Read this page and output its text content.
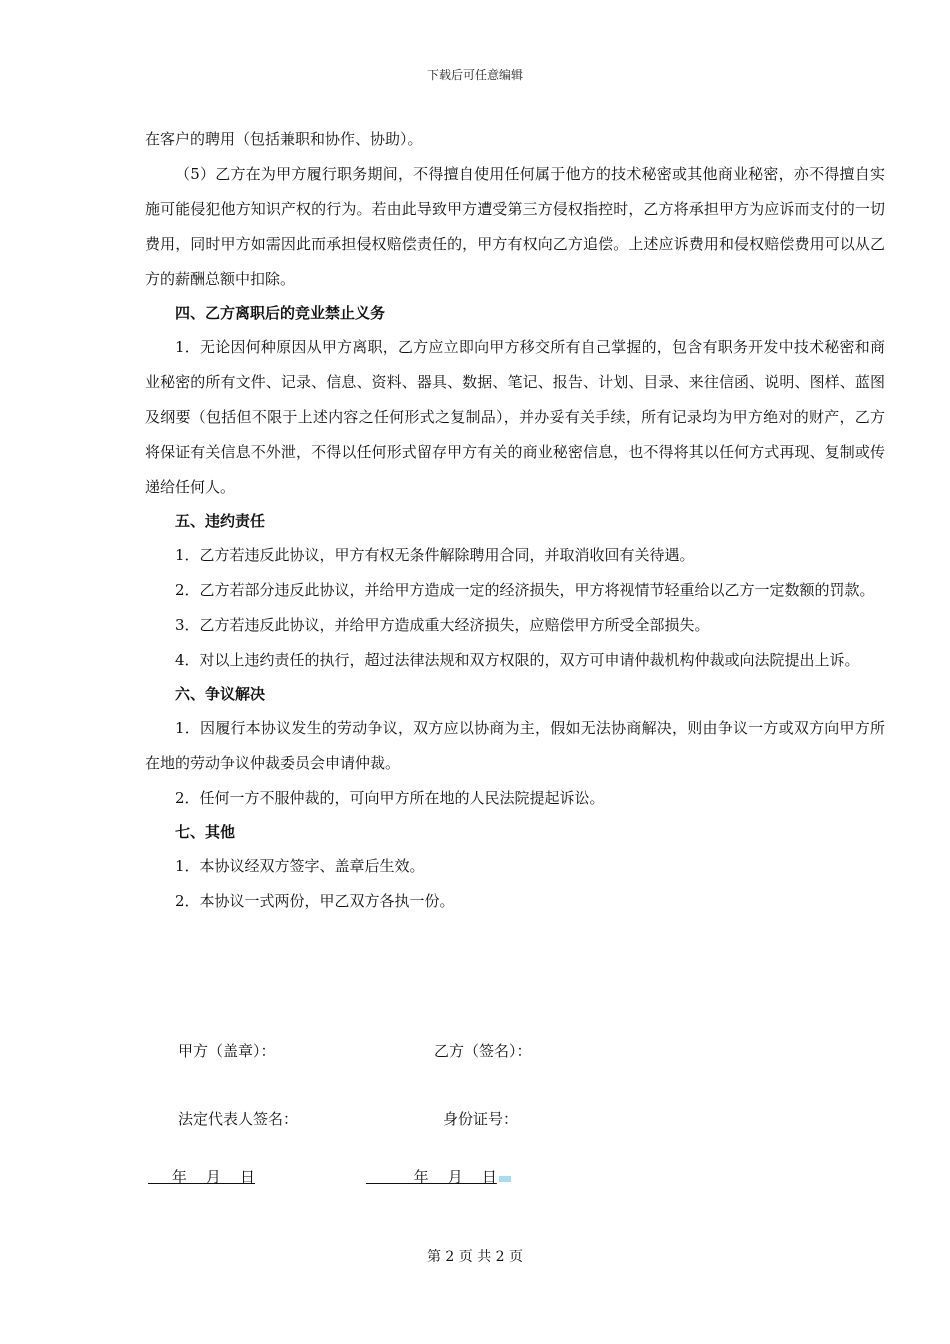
下载后可任意编辑

在客户的聘用（包括兼职和协作、协助）。

（5）乙方在为甲方履行职务期间，不得擅自使用任何属于他方的技术秘密或其他商业秘密，亦不得擅自实施可能侵犯他方知识产权的行为。若由此导致甲方遭受第三方侵权指控时，乙方将承担甲方为应诉而支付的一切费用，同时甲方如需因此而承担侵权赔偿责任的，甲方有权向乙方追偿。上述应诉费用和侵权赔偿费用可以从乙方的薪酬总额中扣除。

四、乙方离职后的竞业禁止义务

1．无论因何种原因从甲方离职，乙方应立即向甲方移交所有自己掌握的，包含有职务开发中技术秘密和商业秘密的所有文件、记录、信息、资料、器具、数据、笔记、报告、计划、目录、来往信函、说明、图样、蓝图及纲要（包括但不限于上述内容之任何形式之复制品），并办妥有关手续，所有记录均为甲方绝对的财产，乙方将保证有关信息不外泄，不得以任何形式留存甲方有关的商业秘密信息，也不得将其以任何方式再现、复制或传递给任何人。

五、违约责任

1．乙方若违反此协议，甲方有权无条件解除聘用合同，并取消收回有关待遇。

2．乙方若部分违反此协议，并给甲方造成一定的经济损失，甲方将视情节轻重给以乙方一定数额的罚款。

3．乙方若违反此协议，并给甲方造成重大经济损失，应赔偿甲方所受全部损失。

4．对以上违约责任的执行，超过法律法规和双方权限的，双方可申请仲裁机构仲裁或向法院提出上诉。

六、争议解决

1．因履行本协议发生的劳动争议，双方应以协商为主，假如无法协商解决，则由争议一方或双方向甲方所在地的劳动争议仲裁委员会申请仲裁。

2．任何一方不服仲裁的，可向甲方所在地的人民法院提起诉讼。

七、其他

1．本协议经双方签字、盖章后生效。

2．本协议一式两份，甲乙双方各执一份。

甲方（盖章）：	乙方（签名）：
法定代表人签名：	身份证号：
年    月    日	年    月    日
第 2 页 共 2 页
